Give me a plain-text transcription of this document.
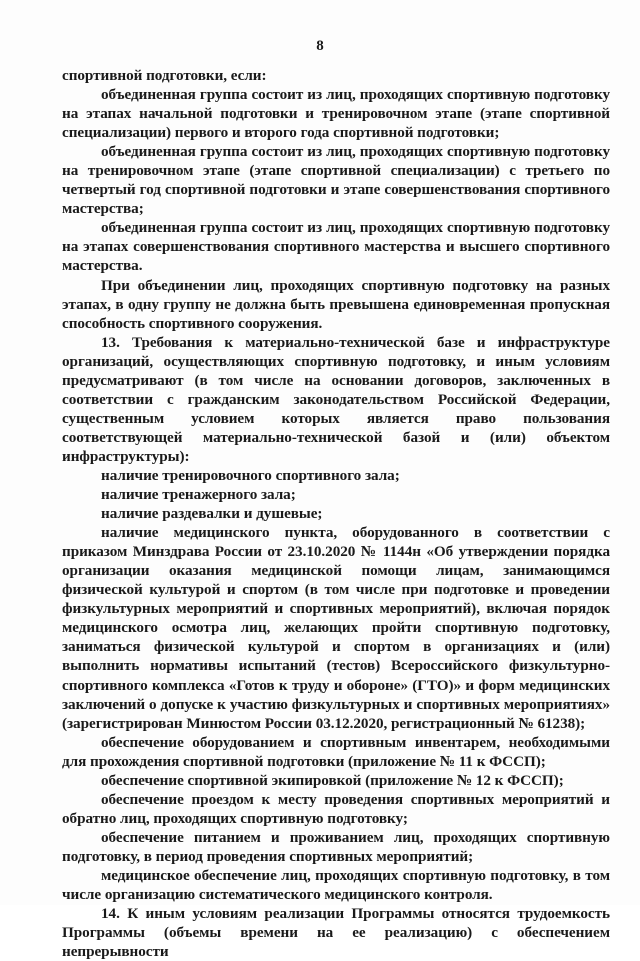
8

спортивной подготовки, если:

объединенная группа состоит из лиц, проходящих спортивную подготовку на этапах начальной подготовки и тренировочном этапе (этапе спортивной специализации) первого и второго года спортивной подготовки;

объединенная группа состоит из лиц, проходящих спортивную подготовку на тренировочном этапе (этапе спортивной специализации) с третьего по четвертый год спортивной подготовки и этапе совершенствования спортивного мастерства;

объединенная группа состоит из лиц, проходящих спортивную подготовку на этапах совершенствования спортивного мастерства и высшего спортивного мастерства.

При объединении лиц, проходящих спортивную подготовку на разных этапах, в одну группу не должна быть превышена единовременная пропускная способность спортивного сооружения.

13. Требования к материально-технической базе и инфраструктуре организаций, осуществляющих спортивную подготовку, и иным условиям предусматривают (в том числе на основании договоров, заключенных в соответствии с гражданским законодательством Российской Федерации, существенным условием которых является право пользования соответствующей материально-технической базой и (или) объектом инфраструктуры):

наличие тренировочного спортивного зала;

наличие тренажерного зала;

наличие раздевалки и душевые;

наличие медицинского пункта, оборудованного в соответствии с приказом Минздрава России от 23.10.2020 № 1144н «Об утверждении порядка организации оказания медицинской помощи лицам, занимающимся физической культурой и спортом (в том числе при подготовке и проведении физкультурных мероприятий и спортивных мероприятий), включая порядок медицинского осмотра лиц, желающих пройти спортивную подготовку, заниматься физической культурой и спортом в организациях и (или) выполнить нормативы испытаний (тестов) Всероссийского физкультурно-спортивного комплекса «Готов к труду и обороне» (ГТО)» и форм медицинских заключений о допуске к участию физкультурных и спортивных мероприятиях» (зарегистрирован Минюстом России 03.12.2020, регистрационный № 61238);

обеспечение оборудованием и спортивным инвентарем, необходимыми для прохождения спортивной подготовки (приложение № 11 к ФССП);

обеспечение спортивной экипировкой (приложение № 12 к ФССП);

обеспечение проездом к месту проведения спортивных мероприятий и обратно лиц, проходящих спортивную подготовку;

обеспечение питанием и проживанием лиц, проходящих спортивную подготовку, в период проведения спортивных мероприятий;

медицинское обеспечение лиц, проходящих спортивную подготовку, в том числе организацию систематического медицинского контроля.

14. К иным условиям реализации Программы относятся трудоемкость Программы (объемы времени на ее реализацию) с обеспечением непрерывности
